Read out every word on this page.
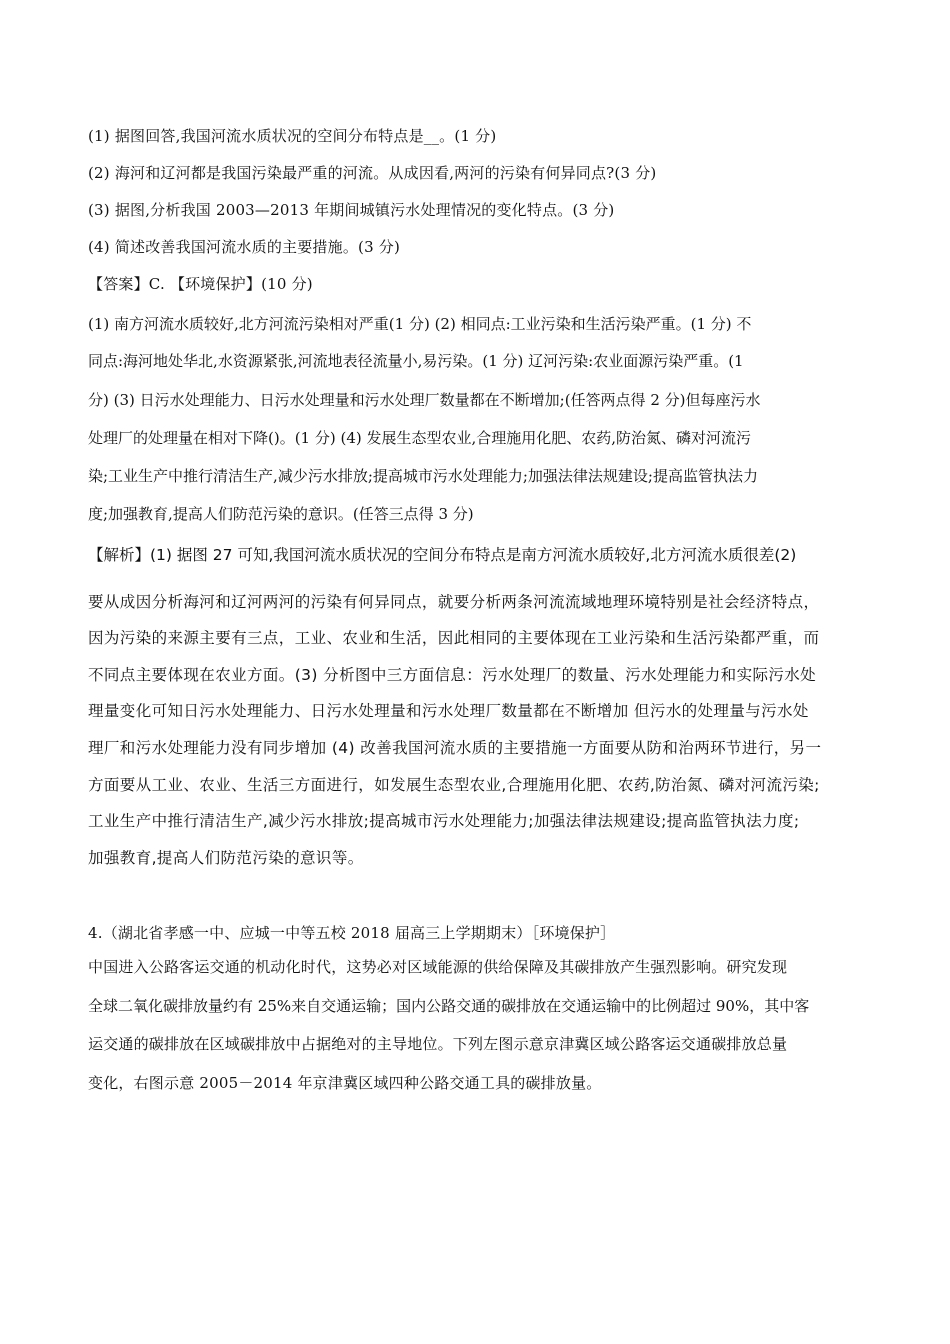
(1) 据图回答,我国河流水质状况的空间分布特点是__。(1 分)
(2) 海河和辽河都是我国污染最严重的河流。从成因看,两河的污染有何异同点?(3 分)
(3) 据图,分析我国 2003—2013 年期间城镇污水处理情况的变化特点。(3 分)
(4) 简述改善我国河流水质的主要措施。(3 分)
【答案】C. 【环境保护】(10 分)
(1) 南方河流水质较好,北方河流污染相对严重(1 分) (2) 相同点:工业污染和生活污染严重。(1 分) 不
同点:海河地处华北,水资源紧张,河流地表径流量小,易污染。(1 分) 辽河污染:农业面源污染严重。(1
分) (3) 日污水处理能力、日污水处理量和污水处理厂数量都在不断增加;(任答两点得 2 分)但每座污水
处理厂的处理量在相对下降()。(1 分) (4) 发展生态型农业,合理施用化肥、农药,防治氮、磷对河流污
染;工业生产中推行清洁生产,减少污水排放;提高城市污水处理能力;加强法律法规建设;提高监管执法力
度;加强教育,提高人们防范污染的意识。(任答三点得 3 分)
【解析】(1) 据图 27 可知,我国河流水质状况的空间分布特点是南方河流水质较好,北方河流水质很差(2)
要从成因分析海河和辽河两河的污染有何异同点，就要分析两条河流流域地理环境特别是社会经济特点，
因为污染的来源主要有三点，工业、农业和生活，因此相同的主要体现在工业污染和生活污染都严重，而
不同点主要体现在农业方面。(3) 分析图中三方面信息：污水处理厂的数量、污水处理能力和实际污水处
理量变化可知日污水处理能力、日污水处理量和污水处理厂数量都在不断增加 但污水的处理量与污水处
理厂和污水处理能力没有同步增加 (4) 改善我国河流水质的主要措施一方面要从防和治两环节进行，另一
方面要从工业、农业、生活三方面进行，如发展生态型农业,合理施用化肥、农药,防治氮、磷对河流污染;
工业生产中推行清洁生产,减少污水排放;提高城市污水处理能力;加强法律法规建设;提高监管执法力度;
加强教育,提高人们防范污染的意识等。
4.（湖北省孝感一中、应城一中等五校 2018 届高三上学期期末）［环境保护］
中国进入公路客运交通的机动化时代，这势必对区域能源的供给保障及其碳排放产生强烈影响。研究发现
全球二氧化碳排放量约有 25%来自交通运输；国内公路交通的碳排放在交通运输中的比例超过 90%，其中客
运交通的碳排放在区域碳排放中占据绝对的主导地位。下列左图示意京津冀区域公路客运交通碳排放总量
变化，右图示意 2005－2014 年京津冀区域四种公路交通工具的碳排放量。
